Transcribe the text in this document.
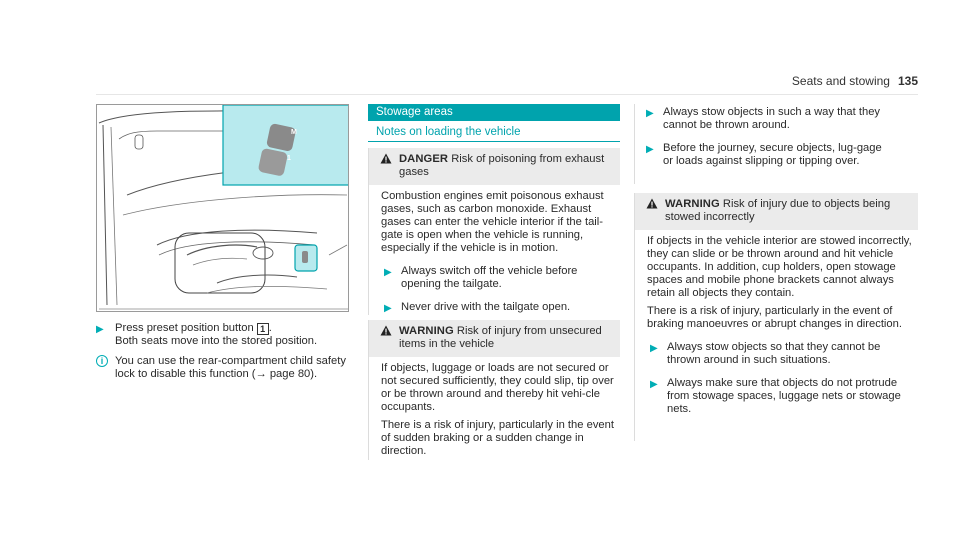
Seats and stowing 135
M
1
▶ Press preset position button 1 .
Both seats move into the stored position.
i	You can use the rear-compartment child safety lock to disable this function (→ page 80).
Stowage areas
Notes on loading the vehicle
DANGER Risk of poisoning from exhaust gases

Combustion engines emit poisonous exhaust gases, such as carbon monoxide. Exhaust gases can enter the vehicle interior if the tail-gate is open when the vehicle is running, especially if the vehicle is in motion.

▶ Always switch off the vehicle before opening the tailgate.
▶ Never drive with the tailgate open.
WARNING Risk of injury from unsecured items in the vehicle

If objects, luggage or loads are not secured or not secured sufficiently, they could slip, tip over or be thrown around and thereby hit vehi-cle occupants.

There is a risk of injury, particularly in the event of sudden braking or a sudden change in direction.

▶ Always stow objects in such a way that they cannot be thrown around.
▶ Before the journey, secure objects, lug-gage or loads against slipping or tipping over.
WARNING Risk of injury due to objects being stowed incorrectly

If objects in the vehicle interior are stowed incorrectly, they can slide or be thrown around and hit vehicle occupants. In addition, cup holders, open stowage spaces and mobile phone brackets cannot always retain all objects they contain.

There is a risk of injury, particularly in the event of braking manoeuvres or abrupt changes in direction.

▶ Always stow objects so that they cannot be thrown around in such situations.
▶ Always make sure that objects do not protrude from stowage spaces, luggage nets or stowage nets.
